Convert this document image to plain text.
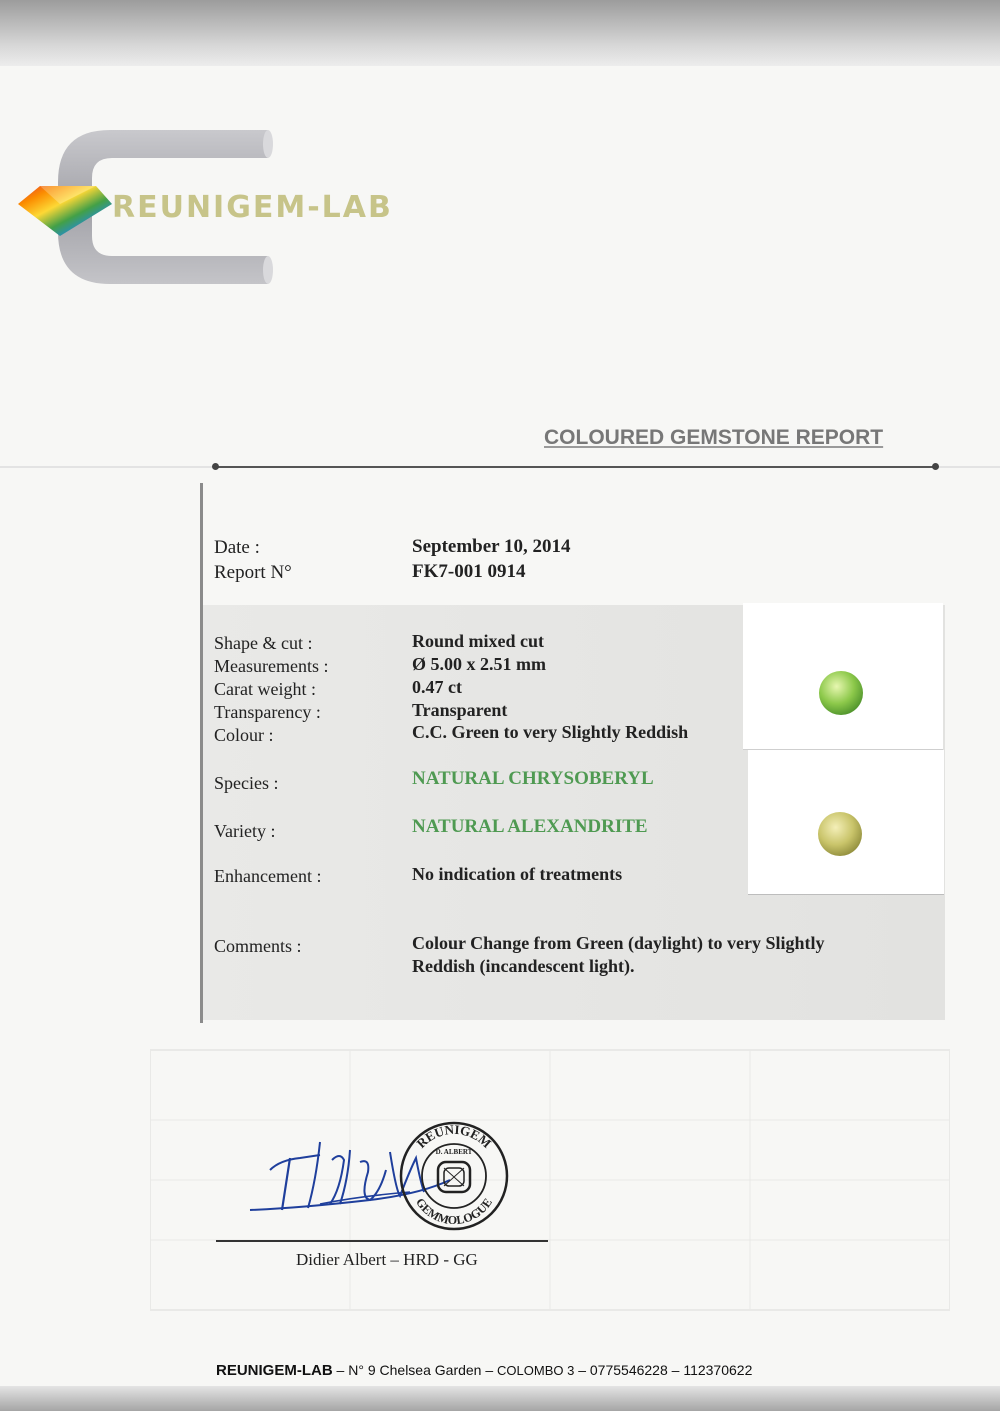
REUNIGEM-LAB
COLOURED GEMSTONE REPORT
Date :	September 10, 2014
Report N°	FK7-001 0914
Shape & cut :	Round mixed cut
Measurements :	Ø 5.00 x 2.51 mm
Carat weight :	0.47 ct
Transparency :	Transparent
Colour :	C.C. Green to very Slightly Reddish
Species :	NATURAL CHRYSOBERYL
Variety :	NATURAL ALEXANDRITE
Enhancement :	No indication of treatments
Comments :	Colour Change from Green (daylight) to very Slightly
Reddish (incandescent light).
REUNIGEM
GEMMOLOGUE
D. ALBERT
Didier Albert – HRD - GG
REUNIGEM-LAB – N° 9 Chelsea Garden – COLOMBO 3 – 0775546228 – 112370622
